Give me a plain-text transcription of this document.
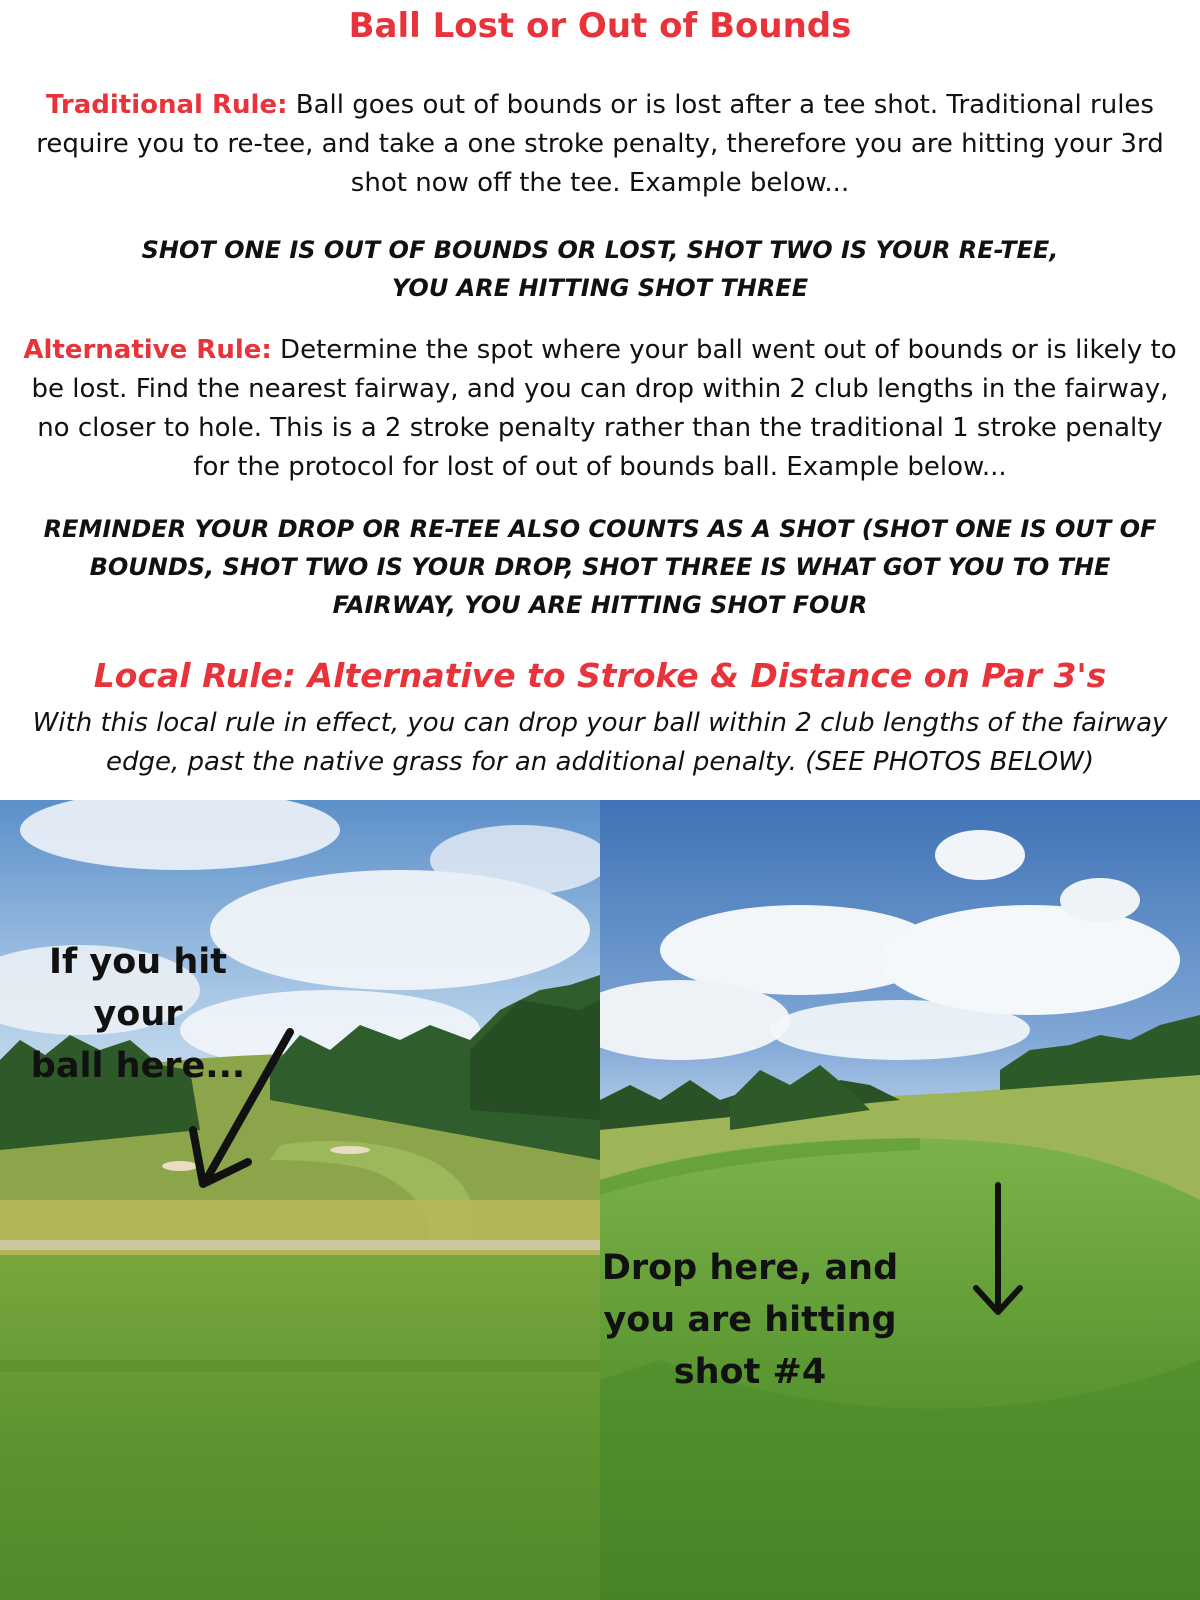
Ball Lost or Out of Bounds
Traditional Rule: Ball goes out of bounds or is lost after a tee shot. Traditional rules require you to re-tee, and take a one stroke penalty, therefore you are hitting your 3rd shot now off the tee. Example below...
SHOT ONE IS OUT OF BOUNDS OR LOST, SHOT TWO IS YOUR RE-TEE,
YOU ARE HITTING SHOT THREE
Alternative Rule: Determine the spot where your ball went out of bounds or is likely to be lost. Find the nearest fairway, and you can drop within 2 club lengths in the fairway, no closer to hole. This is a 2 stroke penalty rather than the traditional 1 stroke penalty for the protocol for lost of out of bounds ball. Example below...
REMINDER YOUR DROP OR RE-TEE ALSO COUNTS AS A SHOT (SHOT ONE IS OUT OF BOUNDS, SHOT TWO IS YOUR DROP, SHOT THREE IS WHAT GOT YOU TO THE FAIRWAY, YOU ARE HITTING SHOT FOUR
Local Rule: Alternative to Stroke & Distance on Par 3's
With this local rule in effect, you can drop your ball within 2 club lengths of the fairway edge, past the native grass for an additional penalty. (SEE PHOTOS BELOW)
If you hit your
ball here...
Drop here, and
you are hitting
shot #4
